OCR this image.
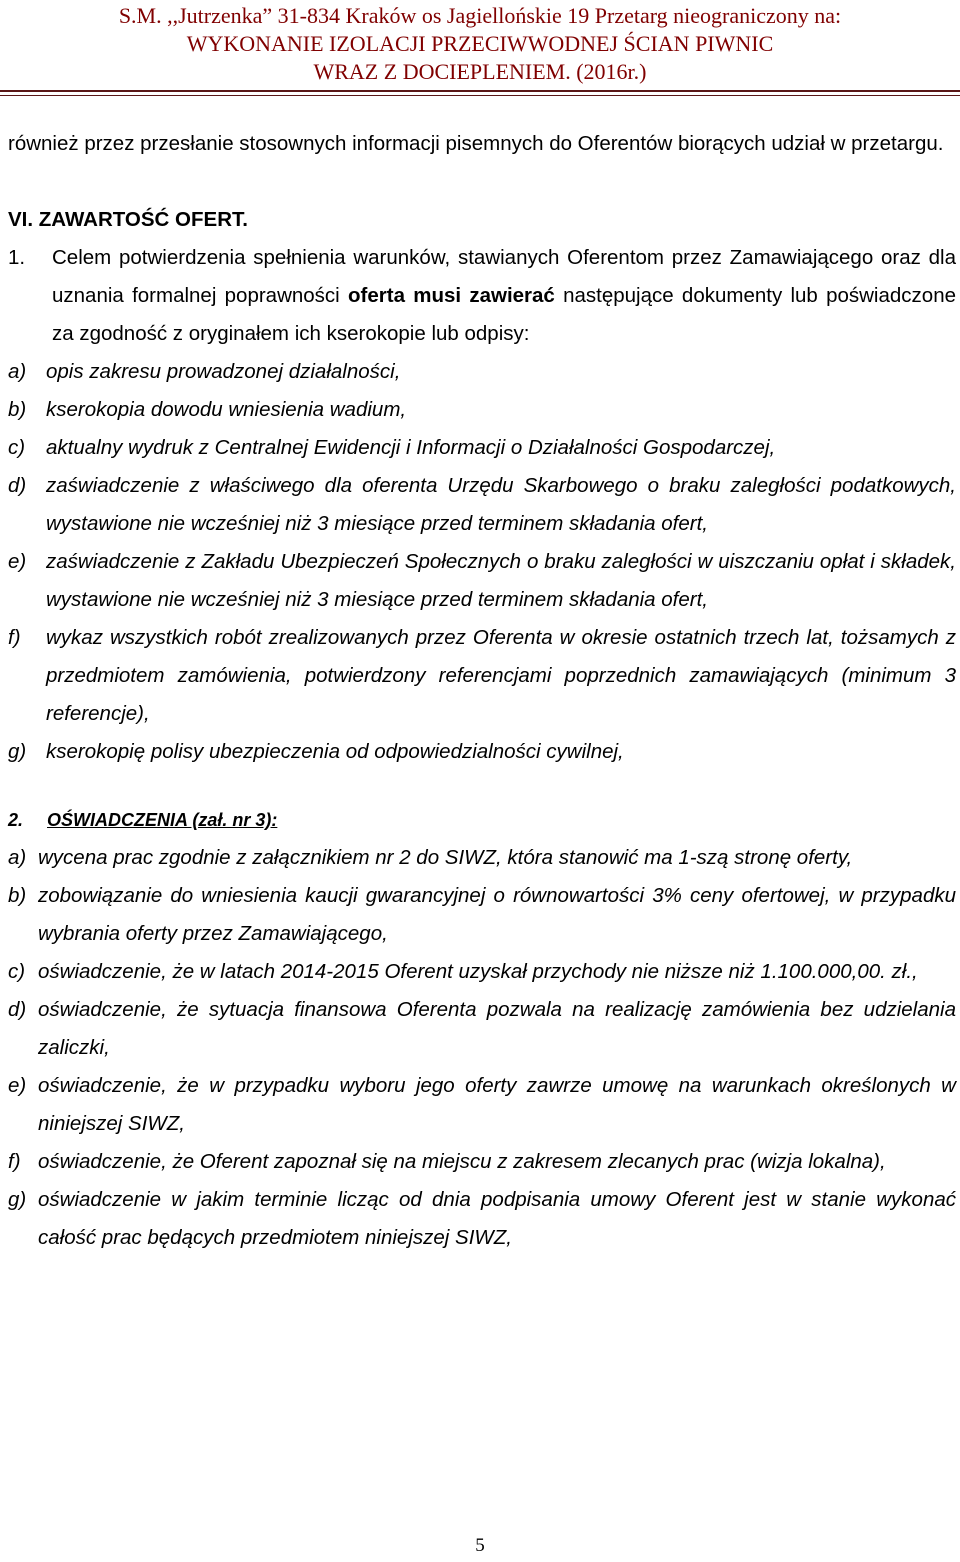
S.M. ,,Jutrzenka” 31-834 Kraków os Jagiellońskie 19 Przetarg nieograniczony na:
WYKONANIE IZOLACJI PRZECIWWODNEJ ŚCIAN PIWNIC
WRAZ Z DOCIEPLENIEM. (2016r.)

również przez przesłanie stosownych informacji pisemnych do Oferentów biorących udział w przetargu.

VI. ZAWARTOŚĆ OFERT.

1. Celem potwierdzenia spełnienia warunków, stawianych Oferentom przez Zamawiającego oraz dla uznania formalnej poprawności oferta musi zawierać następujące dokumenty lub poświadczone za zgodność z oryginałem ich kserokopie lub odpisy:
a) opis zakresu prowadzonej działalności,
b) kserokopia dowodu wniesienia wadium,
c) aktualny wydruk z Centralnej Ewidencji i Informacji o Działalności Gospodarczej,
d) zaświadczenie z właściwego dla oferenta Urzędu Skarbowego o braku zaległości podatkowych, wystawione nie wcześniej niż 3 miesiące przed terminem składania ofert,
e) zaświadczenie z Zakładu Ubezpieczeń Społecznych o braku zaległości w uiszczaniu opłat i składek, wystawione nie wcześniej niż 3 miesiące przed terminem składania ofert,
f) wykaz wszystkich robót zrealizowanych przez Oferenta w okresie ostatnich trzech lat, tożsamych z przedmiotem zamówienia, potwierdzony referencjami poprzednich zamawiających (minimum 3 referencje),
g) kserokopię polisy ubezpieczenia od odpowiedzialności cywilnej,
2. OŚWIADCZENIA (zał. nr 3):
a) wycena prac zgodnie z załącznikiem nr 2 do SIWZ, która stanowić ma 1-szą stronę oferty,
b) zobowiązanie do wniesienia kaucji gwarancyjnej o równowartości 3% ceny ofertowej, w przypadku wybrania oferty przez Zamawiającego,
c) oświadczenie, że w latach 2014-2015 Oferent uzyskał przychody nie niższe niż 1.100.000,00. zł.,
d) oświadczenie, że sytuacja finansowa Oferenta pozwala na realizację zamówienia bez udzielania zaliczki,
e) oświadczenie, że w przypadku wyboru jego oferty zawrze umowę na warunkach określonych w niniejszej SIWZ,
f) oświadczenie, że Oferent zapoznał się na miejscu z zakresem zlecanych prac (wizja lokalna),
g) oświadczenie w jakim terminie licząc od dnia podpisania umowy Oferent jest w stanie wykonać całość prac będących przedmiotem niniejszej SIWZ,
5
